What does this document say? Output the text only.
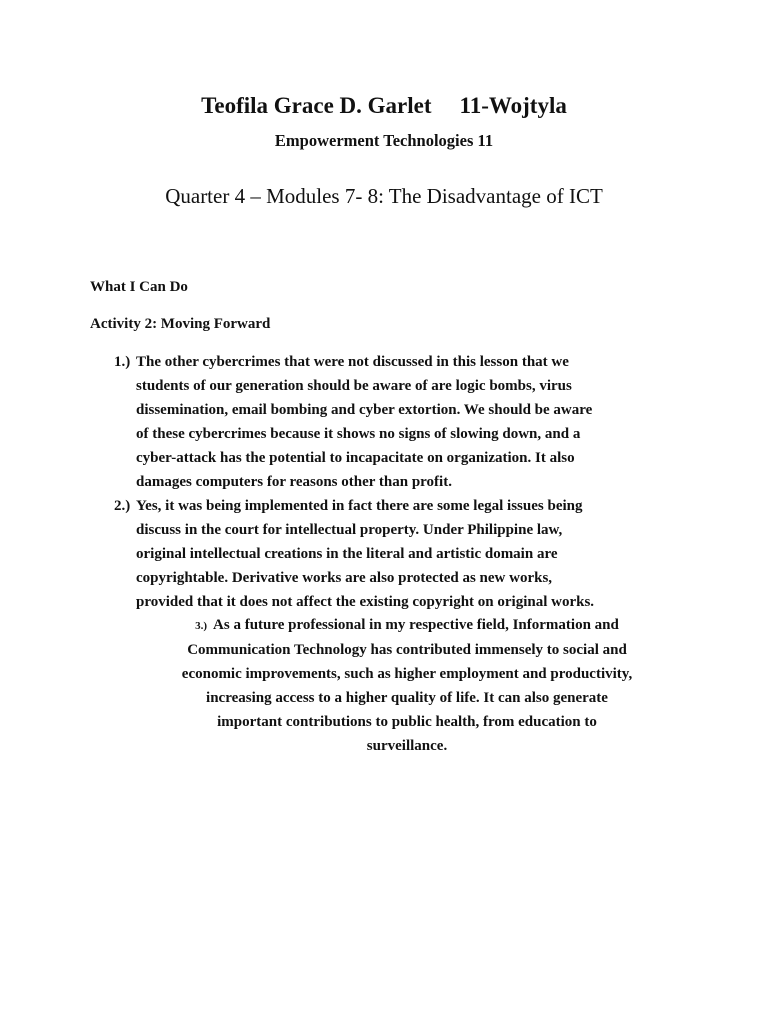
Teofila Grace D. Garlet 11-Wojtyla
Empowerment Technologies 11
Quarter 4 – Modules 7- 8: The Disadvantage of ICT
What I Can Do
Activity 2: Moving Forward
1.) The other cybercrimes that were not discussed in this lesson that we
students of our generation should be aware of are logic bombs, virus
dissemination, email bombing and cyber extortion. We should be aware
of these cybercrimes because it shows no signs of slowing down, and a
cyber-attack has the potential to incapacitate on organization. It also
damages computers for reasons other than profit.
2.) Yes, it was being implemented in fact there are some legal issues being
discuss in the court for intellectual property. Under Philippine law,
original intellectual creations in the literal and artistic domain are
copyrightable. Derivative works are also protected as new works,
provided that it does not affect the existing copyright on original works.
3.) As a future professional in my respective field, Information and
Communication Technology has contributed immensely to social and
economic improvements, such as higher employment and productivity,
increasing access to a higher quality of life. It can also generate
important contributions to public health, from education to
surveillance.
